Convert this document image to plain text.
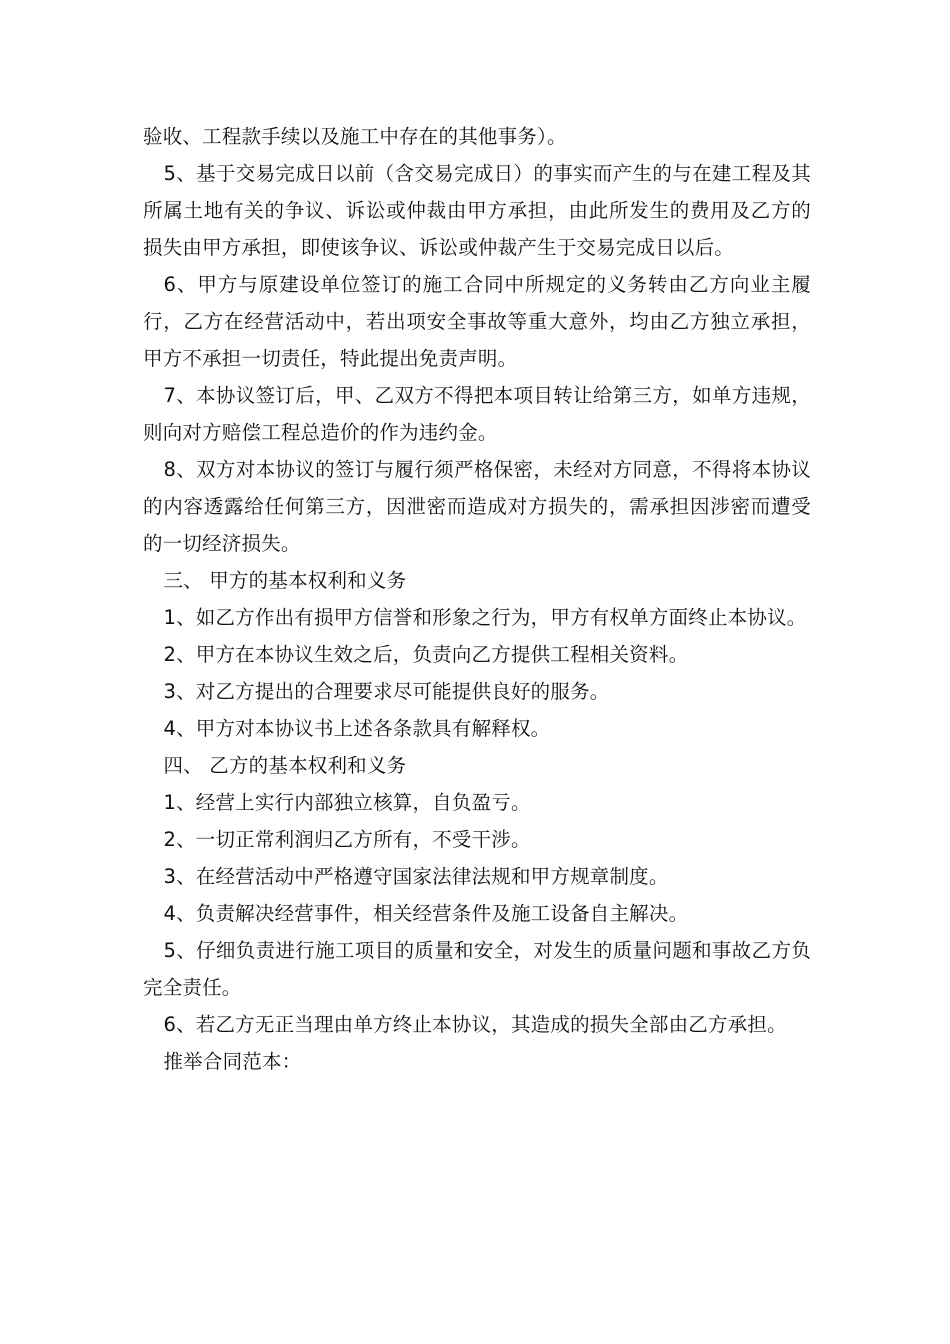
验收、工程款手续以及施工中存在的其他事务）。

5、基于交易完成日以前（含交易完成日）的事实而产生的与在建工程及其所属土地有关的争议、诉讼或仲裁由甲方承担，由此所发生的费用及乙方的损失由甲方承担，即使该争议、诉讼或仲裁产生于交易完成日以后。

6、甲方与原建设单位签订的施工合同中所规定的义务转由乙方向业主履行，乙方在经营活动中，若出项安全事故等重大意外，均由乙方独立承担，甲方不承担一切责任，特此提出免责声明。

7、本协议签订后，甲、乙双方不得把本项目转让给第三方，如单方违规，则向对方赔偿工程总造价的作为违约金。

8、双方对本协议的签订与履行须严格保密，未经对方同意，不得将本协议的内容透露给任何第三方，因泄密而造成对方损失的，需承担因涉密而遭受的一切经济损失。

三、 甲方的基本权利和义务

1、如乙方作出有损甲方信誉和形象之行为，甲方有权单方面终止本协议。

2、甲方在本协议生效之后，负责向乙方提供工程相关资料。

3、对乙方提出的合理要求尽可能提供良好的服务。

4、甲方对本协议书上述各条款具有解释权。

四、 乙方的基本权利和义务

1、经营上实行内部独立核算，自负盈亏。

2、一切正常利润归乙方所有，不受干涉。

3、在经营活动中严格遵守国家法律法规和甲方规章制度。

4、负责解决经营事件，相关经营条件及施工设备自主解决。

5、仔细负责进行施工项目的质量和安全，对发生的质量问题和事故乙方负完全责任。

6、若乙方无正当理由单方终止本协议，其造成的损失全部由乙方承担。

推举合同范本：
